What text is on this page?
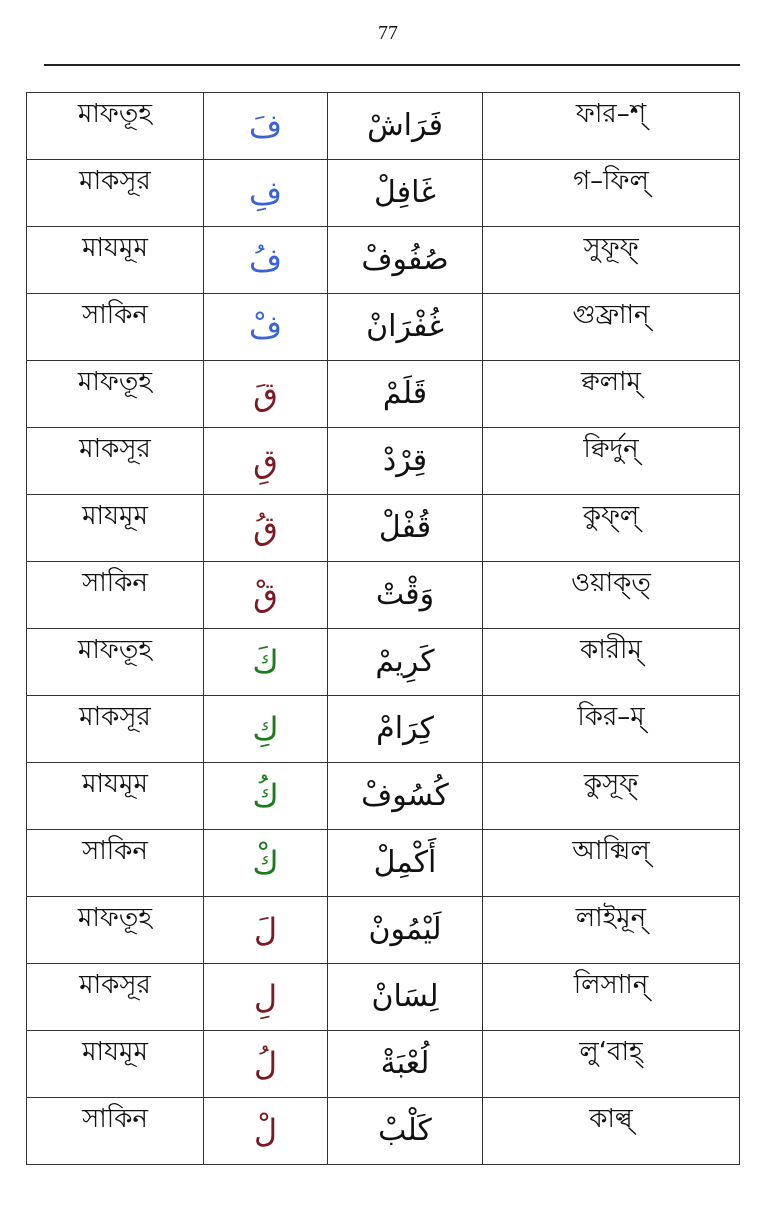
77
মাফতূহ	فَ	فَرَاشْ	ফার–শ্

মাকসূর	فِ	غَافِلْ	গ–ফিল্

মাযমূম	فُ	صُفُوفْ	সুফূফ্

সাকিন	فْ	غُفْرَانْ	গুফ্রাান্

মাফতূহ	قَ	قَلَمْ	ক্বলাম্

মাকসূর	قِ	قِرْدْ	ক্বির্দুন্

মাযমূম	قُ	قُفْلْ	কুফ্ল্

সাকিন	قْ	وَقْتْ	ওয়াক্ত্

মাফতূহ	كَ	كَرِيمْ	কারীম্

মাকসূর	كِ	كِرَامْ	কির–ম্

মাযমূম	كُ	كُسُوفْ	কুসূফ্

সাকিন	كْ	أَكْمِلْ	আক্মিল্

মাফতূহ	لَ	لَيْمُونْ	লাইমূন্

মাকসূর	لِ	لِسَانْ	লিসাান্

মাযমূম	لُ	لُعْبَةْ	লু‘বাহ্

সাকিন	لْ	كَلْبْ	কাল্ব্
